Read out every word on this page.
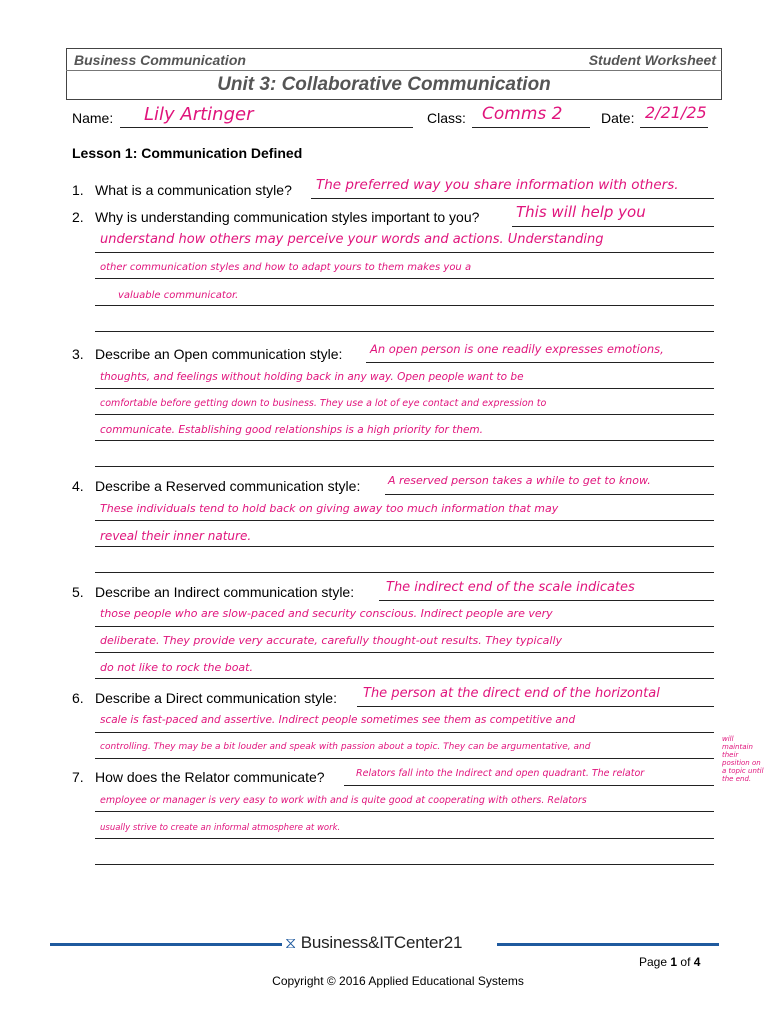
Business Communication	Student Worksheet
Unit 3: Collaborative Communication
Name: Lily Artinger	Class: Comms 2	Date: 2/21/25
Lesson 1: Communication Defined
1. What is a communication style? The preferred way you share information with others.
2. Why is understanding communication styles important to you? This will help you
understand how others may perceive your words and actions. Understanding
other communication styles and how to adapt yours to them makes you a
valuable communicator.
3. Describe an Open communication style: An open person is one readily expresses emotions,
thoughts, and feelings without holding back in any way. Open people want to be
comfortable before getting down to business. They use a lot of eye contact and expression to
communicate. Establishing good relationships is a high priority for them.
4. Describe a Reserved communication style:	A reserved person takes a while to get to know.
These individuals tend to hold back on giving away too much information that may
reveal their inner nature.
5. Describe an Indirect communication style: The indirect end of the scale indicates
those people who are slow-paced and security conscious. Indirect people are very
deliberate. They provide very accurate, carefully thought-out results. They typically
do not like to rock the boat.
6. Describe a Direct communication style: The person at the direct end of the horizontal
scale is fast-paced and assertive. Indirect people sometimes see them as competitive and
controlling. They may be a bit louder and speak with passion about a topic. They can be argumentative, and
will maintain their position on a topic until the end.
7. How does the Relator communicate?	Relators fall into the Indirect and open quadrant. The relator
employee or manager is very easy to work with and is quite good at cooperating with others. Relators
usually strive to create an informal atmosphere at work.
⧖ Business&ITCenter21
Page 1 of 4
Copyright © 2016 Applied Educational Systems
